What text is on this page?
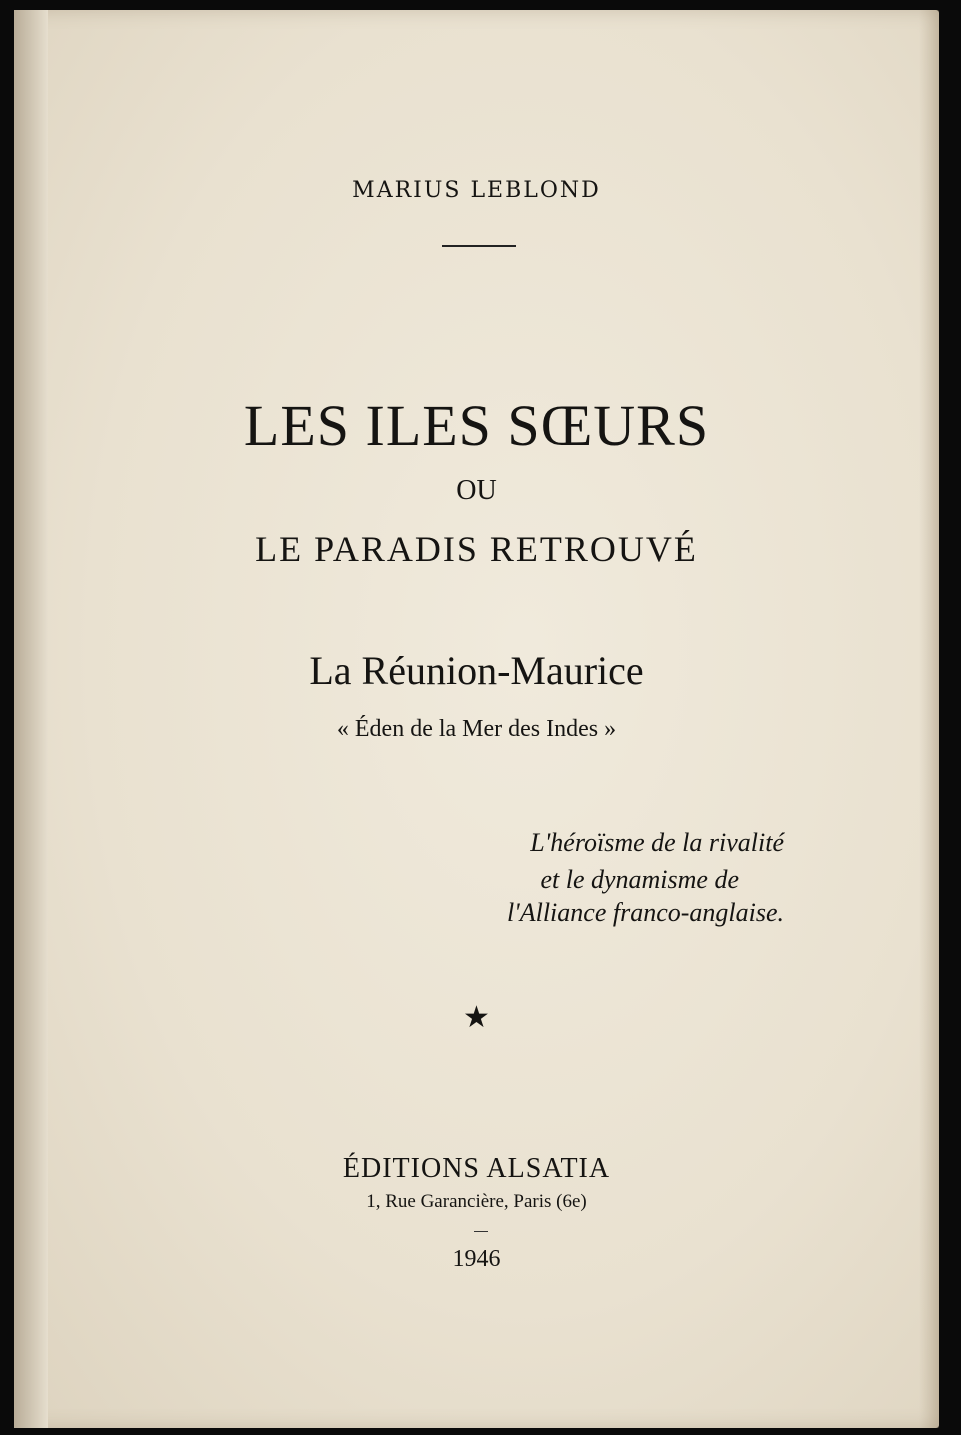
MARIUS LEBLOND
LES ILES SŒURS
OU
LE PARADIS RETROUVÉ
La Réunion-Maurice
« Éden de la Mer des Indes »
L'héroïsme de la rivalité
et le dynamisme de
l'Alliance franco-anglaise.
★
ÉDITIONS ALSATIA
1, Rue Garancière, Paris (6e)
1946
